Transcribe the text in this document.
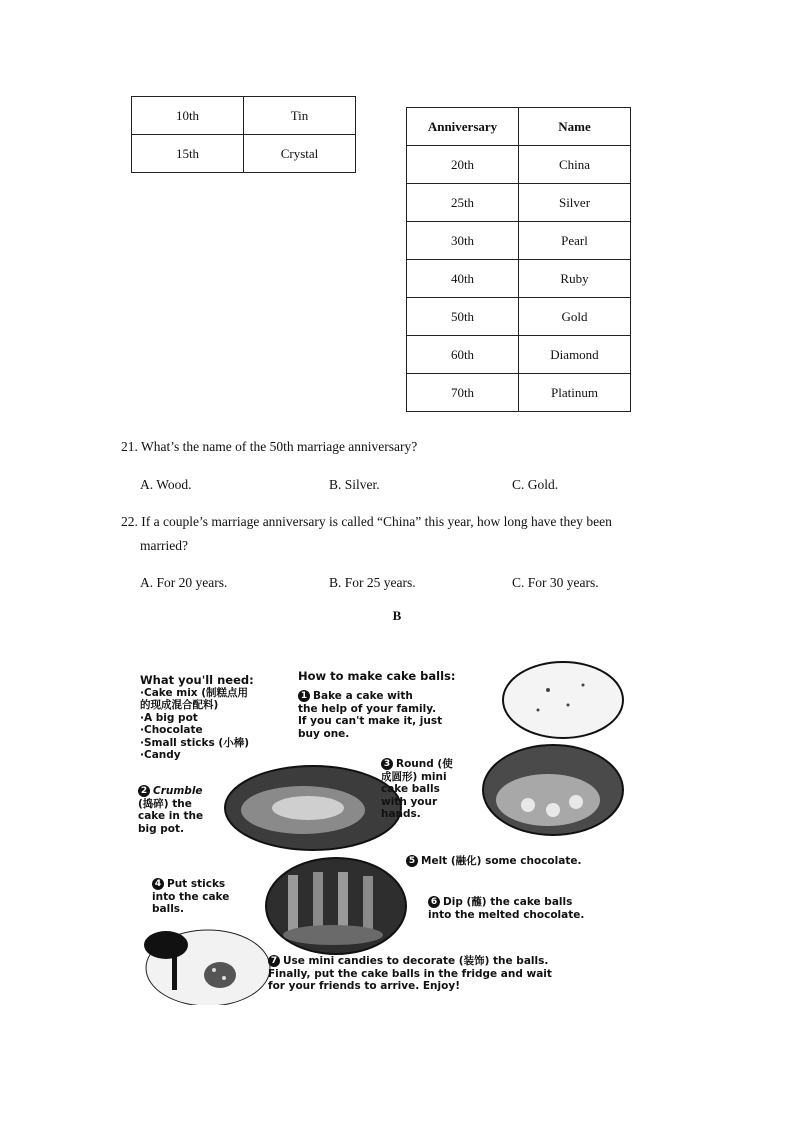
10th	Tin
15th	Crystal
Anniversary	Name
20th	China
25th	Silver
30th	Pearl
40th	Ruby
50th	Gold
60th	Diamond
70th	Platinum
21. What’s the name of the 50th marriage anniversary?
A. Wood.	B. Silver.	C. Gold.
22. If a couple’s marriage anniversary is called “China” this year, how long have they been
married?
A. For 20 years.	B. For 25 years.	C. For 30 years.
B
What you'll need:
·Cake mix (制糕点用
的现成混合配料)
·A big pot
·Chocolate
·Small sticks (小棒)
·Candy
How to make cake balls:
1 Bake a cake with
the help of your family.
If you can't make it, just
buy one.
2 Crumble
(捣碎) the
cake in the
big pot.
3 Round (使
成圆形) mini
cake balls
with your
hands.
5 Melt (融化) some chocolate.
4 Put sticks
into the cake
balls.
6 Dip (蘸) the cake balls
into the melted chocolate.
7 Use mini candies to decorate (装饰) the balls.
Finally, put the cake balls in the fridge and wait
for your friends to arrive. Enjoy!
